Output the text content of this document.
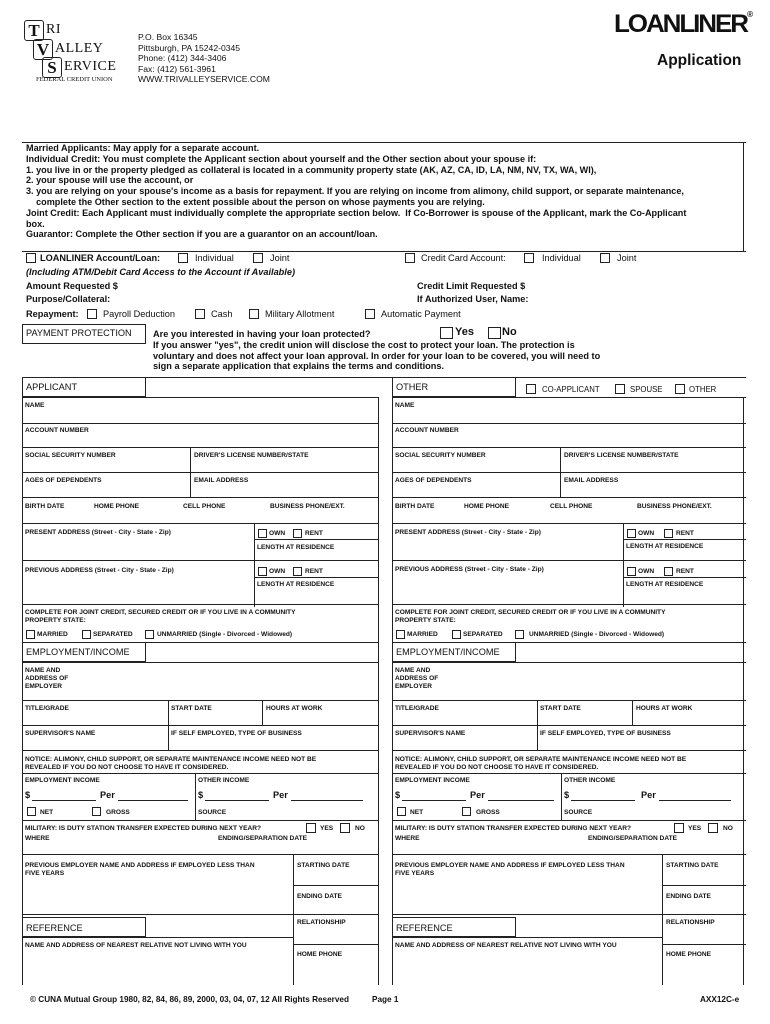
T
V
S
RI
ALLEY
ERVICE
FEDERAL CREDIT UNION
P.O. Box 16345
Pittsburgh, PA 15242-0345
Phone: (412) 344-3406
Fax: (412) 561-3961
WWW.TRIVALLEYSERVICE.COM
LOANLINER®
Application
Married Applicants: May apply for a separate account.
Individual Credit: You must complete the Applicant section about yourself and the Other section about your spouse if:
1. you live in or the property pledged as collateral is located in a community property state (AK, AZ, CA, ID, LA, NM, NV, TX, WA, WI),
2. your spouse will use the account, or
3. you are relying on your spouse's income as a basis for repayment. If you are relying on income from alimony, child support, or separate maintenance,
complete the Other section to the extent possible about the person on whose payments you are relying.
Joint Credit: Each Applicant must individually complete the appropriate section below.  If Co-Borrower is spouse of the Applicant, mark the Co-Applicant
box.
Guarantor: Complete the Other section if you are a guarantor on an account/loan.
LOANLINER Account/Loan:	Individual	Joint	Credit Card Account:	Individual	Joint
(Including ATM/Debit Card Access to the Account if Available)
Amount Requested $	Credit Limit Requested $
Purpose/Collateral:	If Authorized User, Name:
Repayment:	Payroll Deduction	Cash	Military Allotment	Automatic Payment
PAYMENT PROTECTION Are you interested in having your loan protected?	Yes	No
If you answer "yes", the credit union will disclose the cost to protect your loan. The protection is
voluntary and does not affect your loan approval. In order for your loan to be covered, you will need to
sign a separate application that explains the terms and conditions.
APPLICANT	OTHER	CO-APPLICANT	SPOUSE	OTHER
NAME
ACCOUNT NUMBER
SOCIAL SECURITY NUMBER	DRIVER'S LICENSE NUMBER/STATE
AGES OF DEPENDENTS	EMAIL ADDRESS
BIRTH DATE	HOME PHONE	CELL PHONE	BUSINESS PHONE/EXT.
PRESENT ADDRESS (Street - City - State - Zip)	OWN	RENT
LENGTH AT RESIDENCE
PREVIOUS ADDRESS (Street - City - State - Zip)	OWN	RENT
LENGTH AT RESIDENCE
COMPLETE FOR JOINT CREDIT, SECURED CREDIT OR IF YOU LIVE IN A COMMUNITY
PROPERTY STATE:
MARRIED	SEPARATED	UNMARRIED (Single - Divorced - Widowed)
EMPLOYMENT/INCOME
NAME AND
ADDRESS OF
EMPLOYER
TITLE/GRADE	START DATE	HOURS AT WORK
SUPERVISOR'S NAME	IF SELF EMPLOYED, TYPE OF BUSINESS
NOTICE: ALIMONY, CHILD SUPPORT, OR SEPARATE MAINTENANCE INCOME NEED NOT BE
REVEALED IF YOU DO NOT CHOOSE TO HAVE IT CONSIDERED.
EMPLOYMENT INCOME	OTHER INCOME
$	Per	$	Per
NET	GROSS	SOURCE
MILITARY: IS DUTY STATION TRANSFER EXPECTED DURING NEXT YEAR?	YES	NO
WHERE	ENDING/SEPARATION DATE
PREVIOUS EMPLOYER NAME AND ADDRESS IF EMPLOYED LESS THAN
FIVE YEARS
STARTING DATE
ENDING DATE
RELATIONSHIP
REFERENCE
NAME AND ADDRESS OF NEAREST RELATIVE NOT LIVING WITH YOU
HOME PHONE
NAME
ACCOUNT NUMBER
SOCIAL SECURITY NUMBER	DRIVER'S LICENSE NUMBER/STATE
AGES OF DEPENDENTS	EMAIL ADDRESS
BIRTH DATE	HOME PHONE	CELL PHONE	BUSINESS PHONE/EXT.
PRESENT ADDRESS (Street - City - State - Zip)	OWN	RENT
LENGTH AT RESIDENCE
PREVIOUS ADDRESS (Street - City - State - Zip)	OWN	RENT
LENGTH AT RESIDENCE
COMPLETE FOR JOINT CREDIT, SECURED CREDIT OR IF YOU LIVE IN A COMMUNITY
PROPERTY STATE:
MARRIED	SEPARATED	UNMARRIED (Single - Divorced - Widowed)
EMPLOYMENT/INCOME
NAME AND
ADDRESS OF
EMPLOYER
TITLE/GRADE	START DATE	HOURS AT WORK
SUPERVISOR'S NAME	IF SELF EMPLOYED, TYPE OF BUSINESS
NOTICE: ALIMONY, CHILD SUPPORT, OR SEPARATE MAINTENANCE INCOME NEED NOT BE
REVEALED IF YOU DO NOT CHOOSE TO HAVE IT CONSIDERED.
EMPLOYMENT INCOME	OTHER INCOME
$	Per	$	Per
NET	GROSS	SOURCE
MILITARY: IS DUTY STATION TRANSFER EXPECTED DURING NEXT YEAR?	YES	NO
WHERE	ENDING/SEPARATION DATE
PREVIOUS EMPLOYER NAME AND ADDRESS IF EMPLOYED LESS THAN
FIVE YEARS
STARTING DATE
ENDING DATE
RELATIONSHIP
REFERENCE
NAME AND ADDRESS OF NEAREST RELATIVE NOT LIVING WITH YOU
HOME PHONE
© CUNA Mutual Group 1980, 82, 84, 86, 89, 2000, 03, 04, 07, 12 All Rights Reserved	Page 1	AXX12C-e
